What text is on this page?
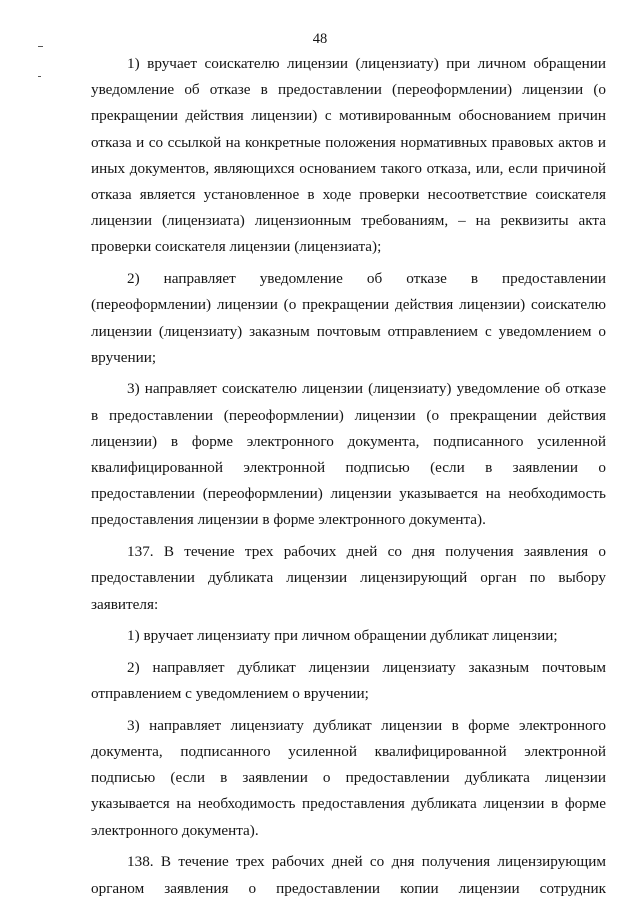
48

1) вручает соискателю лицензии (лицензиату) при личном обращении уведомление об отказе в предоставлении (переоформлении) лицензии (о прекращении действия лицензии) с мотивированным обоснованием причин отказа и со ссылкой на конкретные положения нормативных правовых актов и иных документов, являющихся основанием такого отказа, или, если причиной отказа является установленное в ходе проверки несоответствие соискателя лицензии (лицензиата) лицензионным требованиям, – на реквизиты акта проверки соискателя лицензии (лицензиата);

2) направляет уведомление об отказе в предоставлении (переоформлении) лицензии (о прекращении действия лицензии) соискателю лицензии (лицензиату) заказным почтовым отправлением с уведомлением о вручении;

3) направляет соискателю лицензии (лицензиату) уведомление об отказе в предоставлении (переоформлении) лицензии (о прекращении действия лицензии) в форме электронного документа, подписанного усиленной квалифицированной электронной подписью (если в заявлении о предоставлении (переоформлении) лицензии указывается на необходимость предоставления лицензии в форме электронного документа).

137. В течение трех рабочих дней со дня получения заявления о предоставлении дубликата лицензии лицензирующий орган по выбору заявителя:

1) вручает лицензиату при личном обращении дубликат лицензии;

2) направляет дубликат лицензии лицензиату заказным почтовым отправлением с уведомлением о вручении;

3) направляет лицензиату дубликат лицензии в форме электронного документа, подписанного усиленной квалифицированной электронной подписью (если в заявлении о предоставлении дубликата лицензии указывается на необходимость предоставления дубликата лицензии в форме электронного документа).

138. В течение трех рабочих дней со дня получения лицензирующим органом заявления о предоставлении копии лицензии сотрудник
